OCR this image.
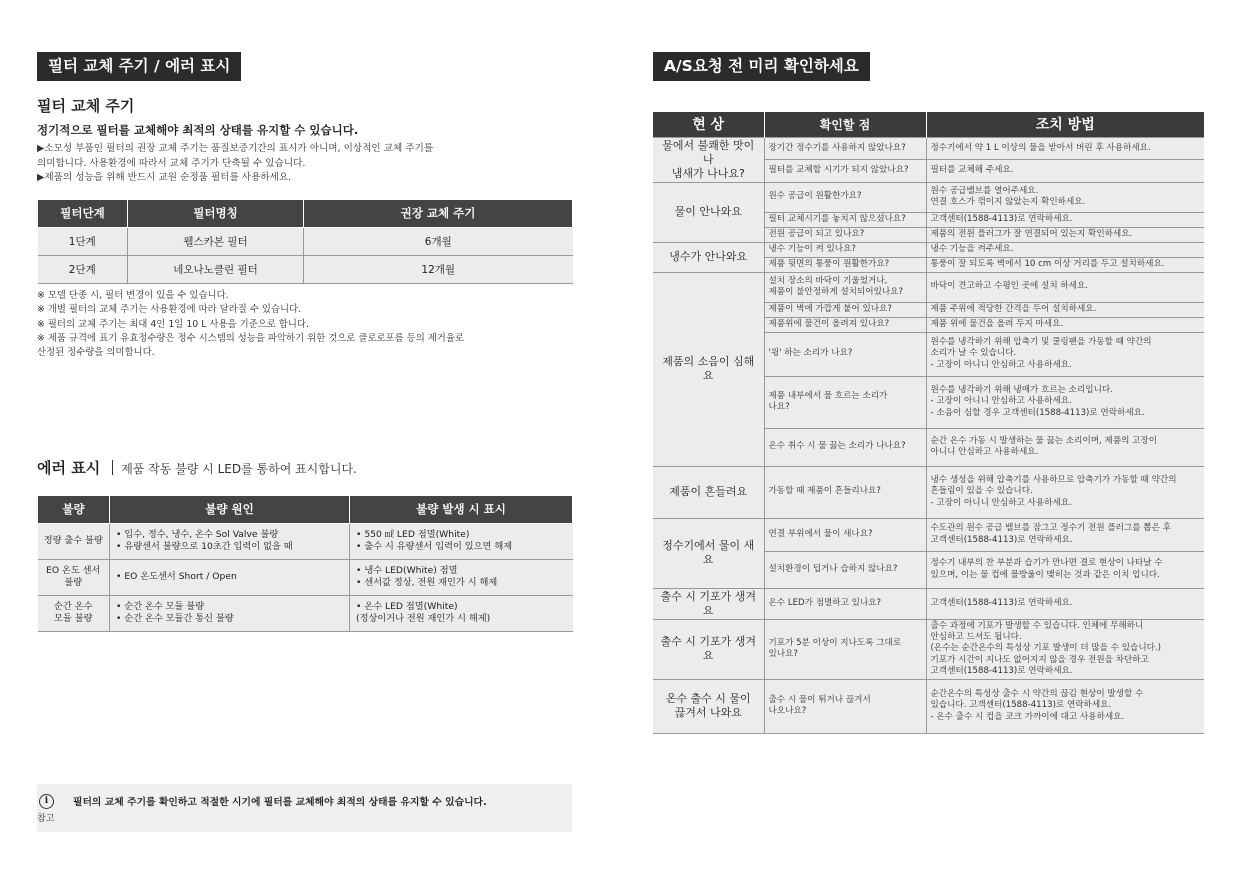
필터 교체 주기 / 에러 표시
필터 교체 주기
정기적으로 필터를 교체해야 최적의 상태를 유지할 수 있습니다.
▶소모성 부품인 필터의 권장 교체 주기는 품질보증기간의 표시가 아니며, 이상적인 교체 주기를
의미합니다. 사용환경에 따라서 교체 주기가 단축될 수 있습니다.
▶제품의 성능을 위해 반드시 교원 순정품 필터를 사용하세요.
필터단계	필터명칭	권장 교체 주기
1단계	웰스카본 필터	6개월
2단계	네오나노클린 필터	12개월
※ 모델 단종 시, 필터 변경이 있을 수 있습니다.
※ 개별 필터의 교체 주기는 사용환경에 따라 달라질 수 있습니다.
※ 필터의 교체 주기는 최대 4인 1일 10 L 사용을 기준으로 합니다.
※ 제품 규격에 표기 유효정수량은 정수 시스템의 성능을 파악하기 위한 것으로 클로로포름 등의 제거율로
산정된 정수량을 의미합니다.
에러 표시 제품 작동 불량 시 LED를 통하여 표시합니다.
불량	불량 원인	불량 발생 시 표시
정량 출수 불량	• 입수, 정수, 냉수, 온수 Sol Valve 불량
• 유량센서 불량으로 10초간 입력이 없을 때	• 550 ㎖ LED 점멸(White)
• 출수 시 유량센서 입력이 있으면 해제
EO 온도 센서
불량	• EO 온도센서 Short / Open	• 냉수 LED(White) 점멸
• 센서값 정상, 전원 재인가 시 해제
순간 온수
모듈 불량	• 순간 온수 모듈 불량
• 순간 온수 모듈간 통신 불량	• 온수 LED 점멸(White)
(정상이거나 전원 재인가 시 해제)
i
참고
필터의 교체 주기를 확인하고 적절한 시기에 필터를 교체해야 최적의 상태를 유지할 수 있습니다.
A/S요청 전 미리 확인하세요
현 상	확인할 점	조치 방법
물에서 불쾌한 맛이나
냄새가 나나요?	장기간 정수기를 사용하지 않았나요?	정수기에서 약 1 L 이상의 물을 받아서 버린 후 사용하세요.
	필터를 교체할 시기가 되지 않았나요?	필터를 교체해 주세요.
물이 안나와요	원수 공급이 원활한가요?	원수 공급밸브를 열어주세요.
연결 호스가 꺾이지 않았는지 확인하세요.
	필터 교체시기를 놓치지 않으셨나요?	고객센터(1588-4113)로 연락하세요.
	전원 공급이 되고 있나요?	제품의 전원 플러그가 잘 연결되어 있는지 확인하세요.
냉수가 안나와요	냉수 기능이 켜 있나요?	냉수 기능을 켜주세요.
	제품 뒷면의 통풍이 원활한가요?	통풍이 잘 되도록 벽에서 10 cm 이상 거리를 두고 설치하세요.
제품의 소음이 심해요	설치 장소의 바닥이 기울었거나,
제품이 불안정하게 설치되어있나요?	바닥이 견고하고 수평인 곳에 설치 하세요.
	제품이 벽에 가깝게 붙어 있나요?	제품 주위에 적당한 간격을 두어 설치하세요.
	제품위에 물건이 올려져 있나요?	제품 위에 물건을 올려 두지 마세요.
	'윙' 하는 소리가 나요?	원수를 냉각하기 위해 압축기 및 쿨링팬을 가동할 때 약간의
소리가 날 수 있습니다.
- 고장이 아니니 안심하고 사용하세요.
	제품 내부에서 물 흐르는 소리가
나요?	원수를 냉각하기 위해 냉매가 흐르는 소리입니다.
- 고장이 아니니 안심하고 사용하세요.
- 소음이 심할 경우 고객센터(1588-4113)로 연락하세요.
	온수 취수 시 물 끓는 소리가 나나요?	순간 온수 가동 시 발생하는 물 끓는 소리이며, 제품의 고장이
아니니 안심하고 사용하세요.
제품이 흔들려요	가동할 때 제품이 흔들리나요?	냉수 생성을 위해 압축기를 사용하므로 압축기가 가동할 때 약간의
흔들림이 있을 수 있습니다.
- 고장이 아니니 안심하고 사용하세요.
정수기에서 물이 새요	연결 부위에서 물이 새나요?	수도관의 원수 공급 밸브를 잠그고 정수기 전원 플러그를 뽑은 후
고객센터(1588-4113)로 연락하세요.
	설치환경이 덥거나 습하지 않나요?	정수기 내부의 찬 부분과 습기가 만나면 결로 현상이 나타날 수
있으며, 이는 물 컵에 물방울이 맺히는 것과 같은 이치 입니다.
출수 시 기포가 생겨요	온수 LED가 점멸하고 있나요?	고객센터(1588-4113)로 연락하세요.
출수 시 기포가 생겨요	기포가 5분 이상이 지나도록 그대로
있나요?	출수 과정에 기포가 발생할 수 있습니다. 인체에 무해하니
안심하고 드셔도 됩니다.
(온수는 순간온수의 특성상 기포 발생이 더 많을 수 있습니다.)
기포가 시간이 지나도 없어지지 않을 경우 전원을 차단하고
고객센터(1588-4113)로 연락하세요.
온수 출수 시 물이
끊겨서 나와요	출수 시 물이 튀거나 끊겨서
나오나요?	순간온수의 특성상 출수 시 약간의 끊김 현상이 발생할 수
있습니다. 고객센터(1588-4113)로 연락하세요.
- 온수 출수 시 컵을 코크 가까이에 대고 사용하세요.
